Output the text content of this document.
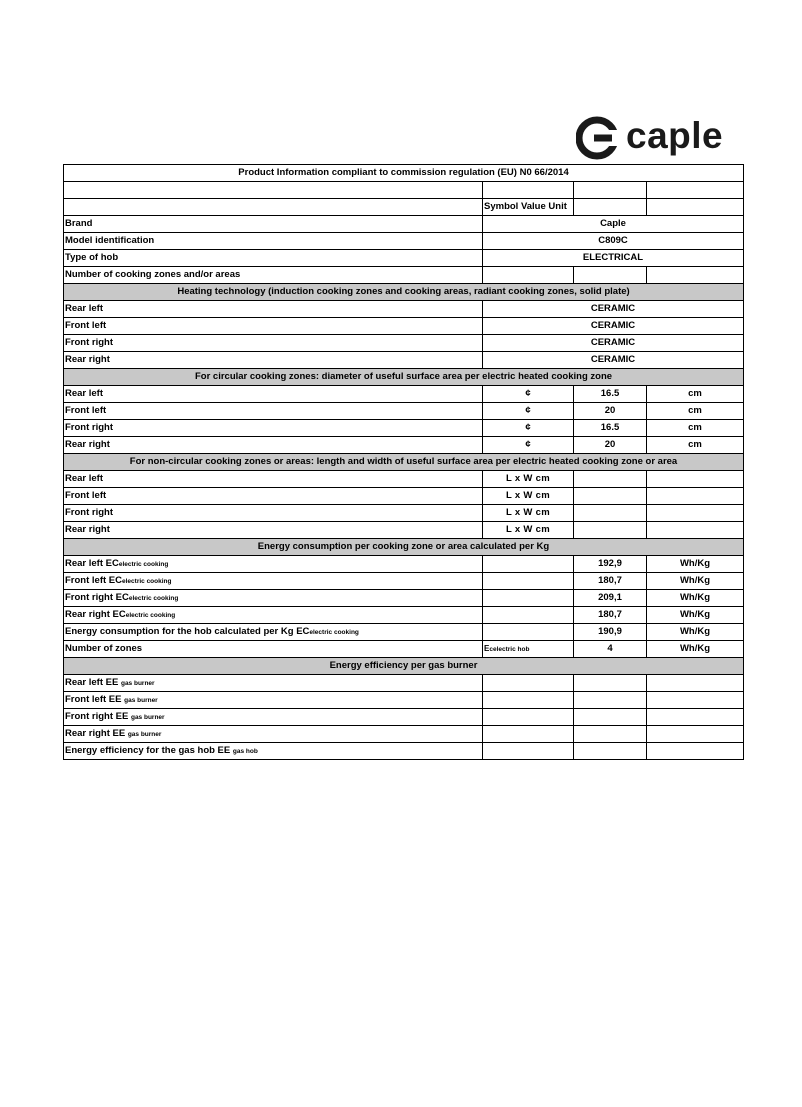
caple
Product Information compliant to commission regulation (EU) N0 66/2014			

	Symbol Value Unit		
Brand	Caple		
Model identification	C809C		
Type of hob	ELECTRICAL		
Number of cooking zones and/or areas			
Heating technology (induction cooking zones and cooking areas, radiant cooking zones, solid plate)			
Rear left	CERAMIC		
Front left	CERAMIC		
Front right	CERAMIC		
Rear right	CERAMIC		
For circular cooking zones: diameter of useful surface area per electric heated cooking zone			
Rear left	¢	16.5	cm
Front left	¢	20	cm
Front right	¢	16.5	cm
Rear right	¢	20	cm
For non-circular cooking zones or areas: length and width of useful surface area per electric heated cooking zone or area			
Rear left	L x W cm		
Front left	L x W cm		
Front right	L x W cm		
Rear right	L x W cm		
Energy consumption per cooking zone or area calculated per Kg			
Rear left ECelectric cooking		192,9	Wh/Kg
Front left ECelectric cooking		180,7	Wh/Kg
Front right ECelectric cooking		209,1	Wh/Kg
Rear right ECelectric cooking		180,7	Wh/Kg
Energy consumption for the hob calculated per Kg ECelectric cooking		190,9	Wh/Kg
Number of zones	Ecelectric hob	4	Wh/Kg
Energy efficiency per gas burner			
Rear left EE gas burner			
Front left EE gas burner			
Front right EE gas burner			
Rear right EE gas burner			
Energy efficiency for the gas hob EE gas hob			
